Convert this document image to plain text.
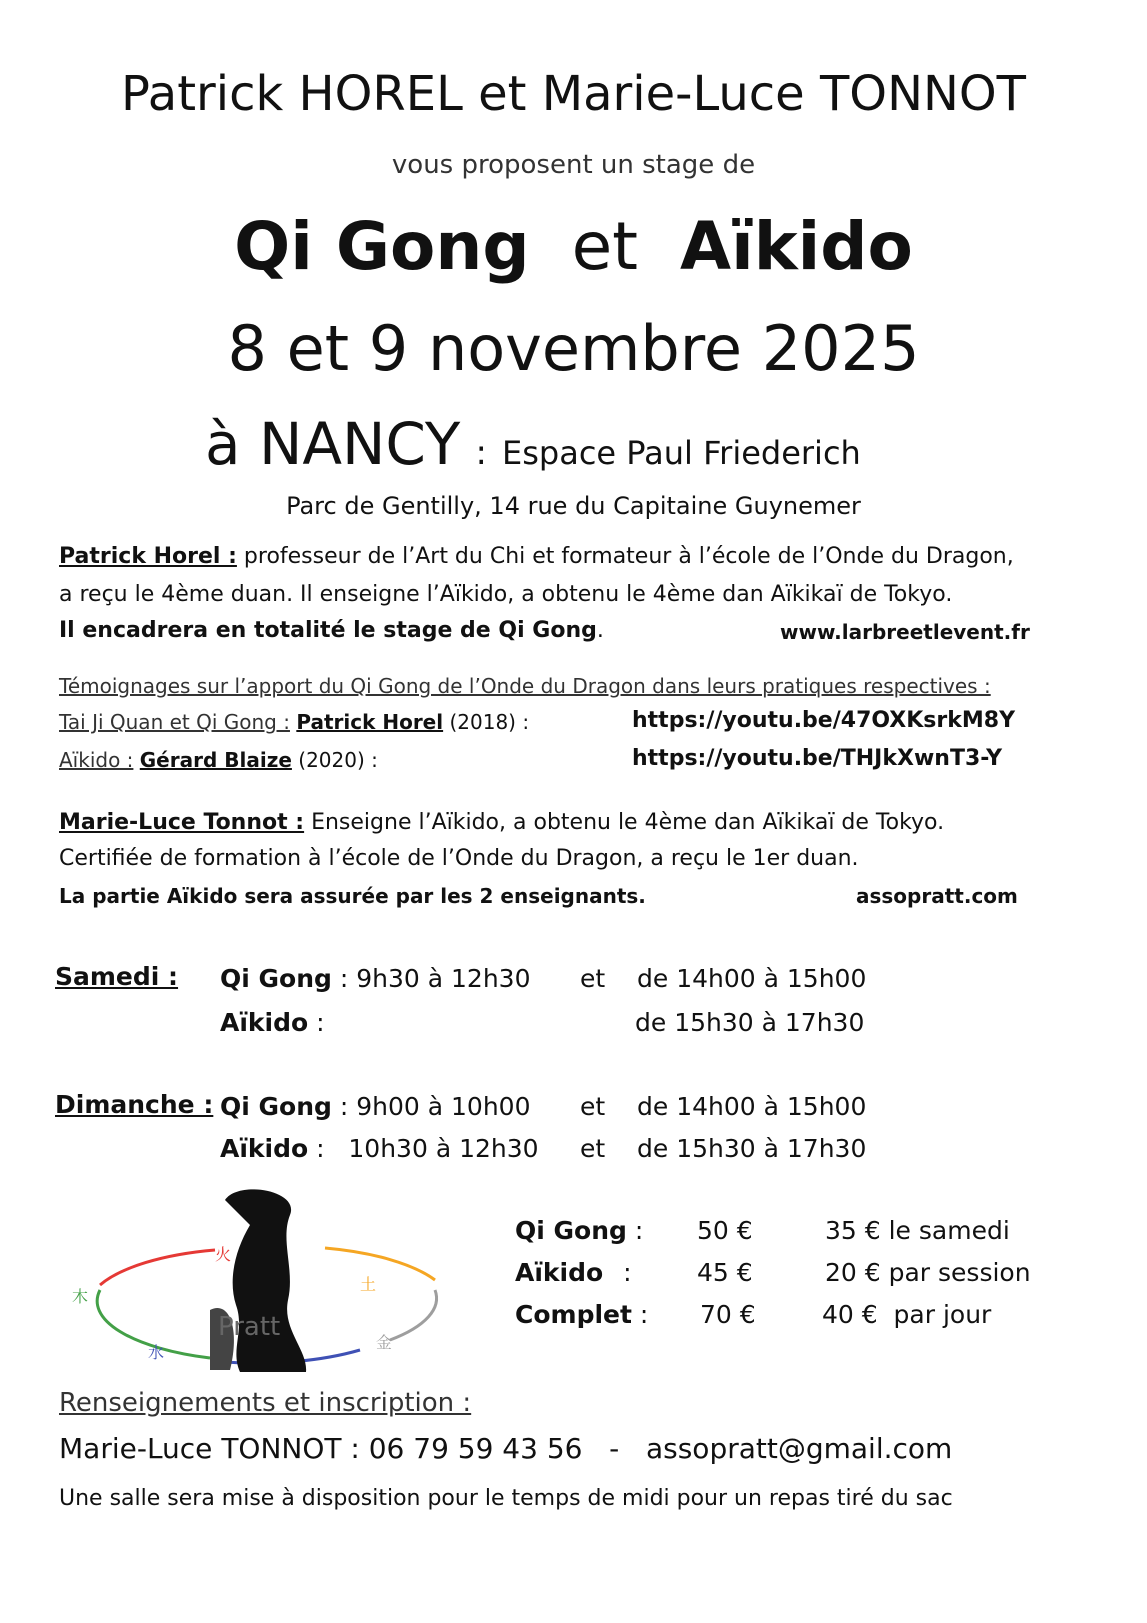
Patrick HOREL et Marie-Luce TONNOT
vous proposent un stage de
Qi Gong et Aïkido
8 et 9 novembre 2025
à NANCY : Espace Paul Friederich
Parc de Gentilly, 14 rue du Capitaine Guynemer
Patrick Horel : professeur de l’Art du Chi et formateur à l’école de l’Onde du Dragon,
a reçu le 4ème duan. Il enseigne l’Aïkido, a obtenu le 4ème dan Aïkikaï de Tokyo.
Il encadrera en totalité le stage de Qi Gong.	www.larbreetlevent.fr
Témoignages sur l’apport du Qi Gong de l’Onde du Dragon dans leurs pratiques respectives :
Tai Ji Quan et Qi Gong : Patrick Horel (2018) :	https://youtu.be/47OXKsrkM8Y
Aïkido : Gérard Blaize (2020) :	https://youtu.be/THJkXwnT3-Y
Marie-Luce Tonnot : Enseigne l’Aïkido, a obtenu le 4ème dan Aïkikaï de Tokyo.
Certifiée de formation à l’école de l’Onde du Dragon, a reçu le 1er duan.
La partie Aïkido sera assurée par les 2 enseignants.	assopratt.com
Samedi : Qi Gong : 9h30 à 12h30 et de 14h00 à 15h00
Aïkido :	de 15h30 à 17h30
Dimanche : Qi Gong : 9h00 à 10h00 et de 14h00 à 15h00
Aïkido :   10h30 à 12h30 et de 15h30 à 17h30
火
土
金
水
木
Pratt
Qi Gong : 50 €	35 € le samedi
Aïkido :	45 €	20 € par session
Complet : 70 €	40 €  par jour
Renseignements et inscription :
Marie-Luce TONNOT : 06 79 59 43 56   -   assopratt@gmail.com
Une salle sera mise à disposition pour le temps de midi pour un repas tiré du sac
